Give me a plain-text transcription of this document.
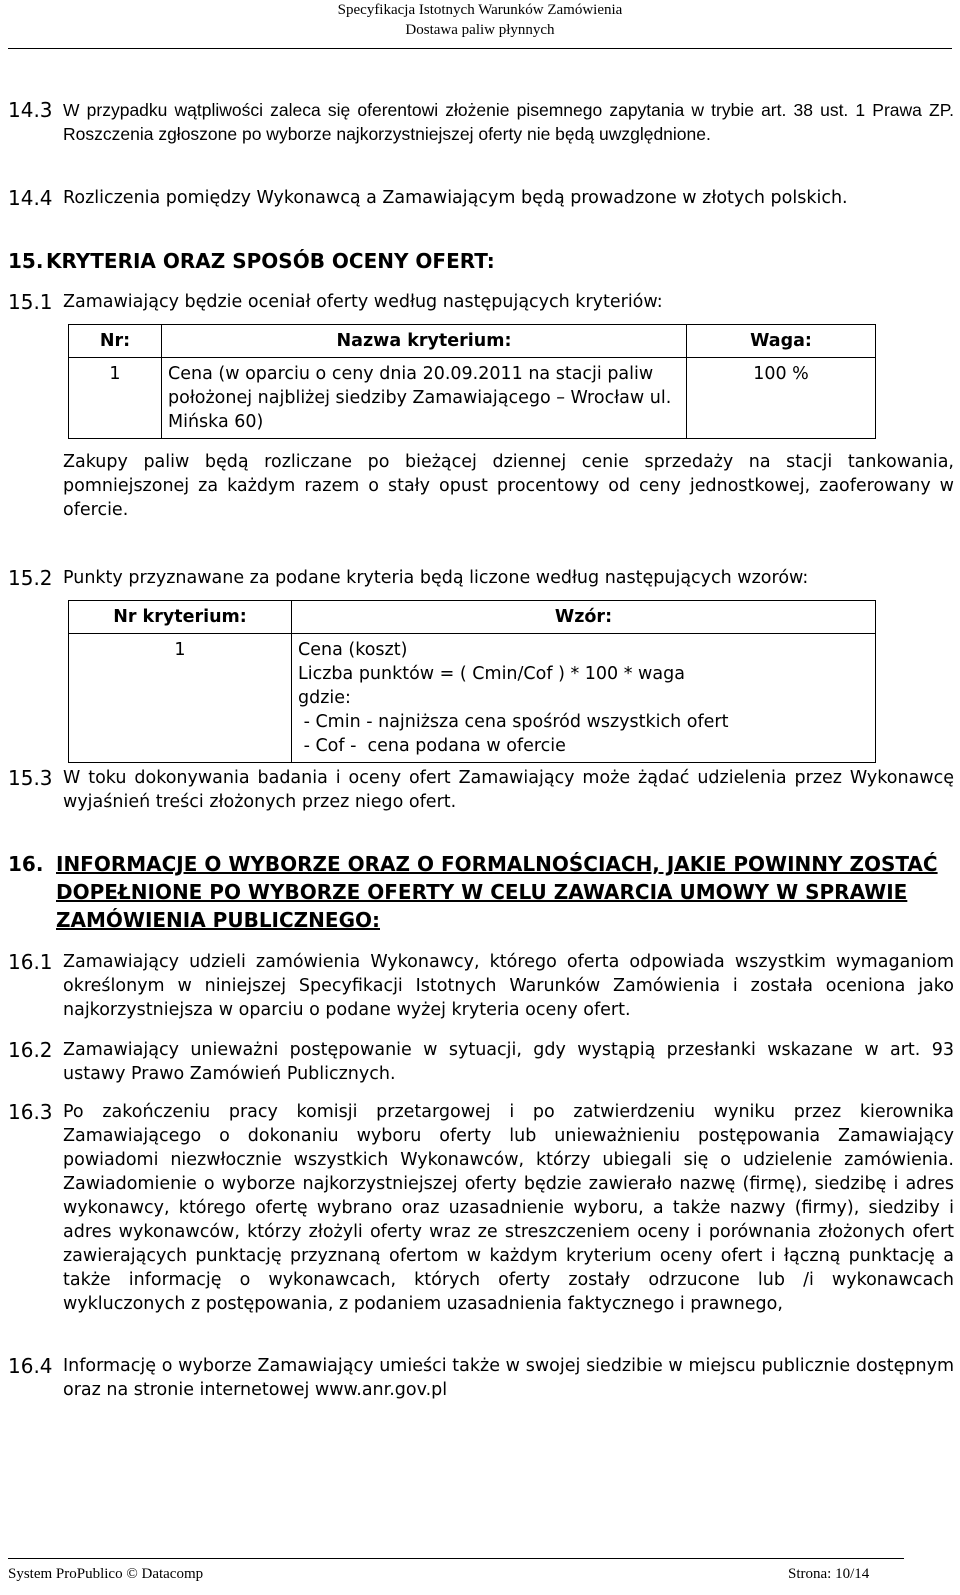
Specyfikacja Istotnych Warunków Zamówienia
Dostawa paliw płynnych
14.3 W przypadku wątpliwości zaleca się oferentowi złożenie pisemnego zapytania w trybie art. 38 ust. 1 Prawa ZP. Roszczenia zgłoszone po wyborze najkorzystniejszej oferty nie będą uwzględnione.
14.4 Rozliczenia pomiędzy Wykonawcą a Zamawiającym będą prowadzone w złotych polskich.
15. KRYTERIA ORAZ SPOSÓB OCENY OFERT:
15.1 Zamawiający będzie oceniał oferty według następujących kryteriów:
Nr:	Nazwa kryterium:	Waga:
1	Cena (w oparciu o ceny dnia 20.09.2011 na stacji paliw położonej najbliżej siedziby Zamawiającego – Wrocław ul. Mińska 60)	100 %
Zakupy paliw będą rozliczane po bieżącej dziennej cenie sprzedaży na stacji tankowania, pomniejszonej za każdym razem o stały opust procentowy od ceny jednostkowej, zaoferowany w ofercie.
15.2 Punkty przyznawane za podane kryteria będą liczone według następujących wzorów:
Nr kryterium:	Wzór:
1	Cena (koszt)
Liczba punktów = ( Cmin/Cof ) * 100 * waga
gdzie:
- Cmin - najniższa cena spośród wszystkich ofert
- Cof -  cena podana w ofercie
15.3 W toku dokonywania badania i oceny ofert Zamawiający może żądać udzielenia przez Wykonawcę wyjaśnień treści złożonych przez niego ofert.
16. INFORMACJE O WYBORZE ORAZ O FORMALNOŚCIACH, JAKIE POWINNY ZOSTAĆ DOPEŁNIONE PO WYBORZE OFERTY W CELU ZAWARCIA UMOWY W SPRAWIE ZAMÓWIENIA PUBLICZNEGO:
16.1 Zamawiający udzieli zamówienia Wykonawcy, którego oferta odpowiada wszystkim wymaganiom określonym w niniejszej Specyfikacji Istotnych Warunków Zamówienia i została oceniona jako najkorzystniejsza w oparciu o podane wyżej kryteria oceny ofert.
16.2 Zamawiający unieważni postępowanie w sytuacji, gdy wystąpią przesłanki wskazane w art. 93 ustawy Prawo Zamówień Publicznych.
16.3 Po zakończeniu pracy komisji przetargowej i po zatwierdzeniu wyniku przez kierownika Zamawiającego o dokonaniu wyboru oferty lub unieważnieniu postępowania Zamawiający powiadomi niezwłocznie wszystkich Wykonawców, którzy ubiegali się o udzielenie zamówienia. Zawiadomienie o wyborze najkorzystniejszej oferty będzie zawierało nazwę (firmę), siedzibę i adres wykonawcy, którego ofertę wybrano oraz uzasadnienie wyboru, a także nazwy (firmy), siedziby i adres wykonawców, którzy złożyli oferty wraz ze streszczeniem oceny i porównania złożonych ofert zawierających punktację przyznaną ofertom w każdym kryterium oceny ofert i łączną punktację a także informację o wykonawcach, których oferty zostały odrzucone lub /i wykonawcach wykluczonych z postępowania, z podaniem uzasadnienia faktycznego i prawnego,
16.4 Informację o wyborze Zamawiający umieści także w swojej siedzibie w miejscu publicznie dostępnym oraz na stronie internetowej www.anr.gov.pl
System ProPublico © Datacomp	Strona: 10/14
